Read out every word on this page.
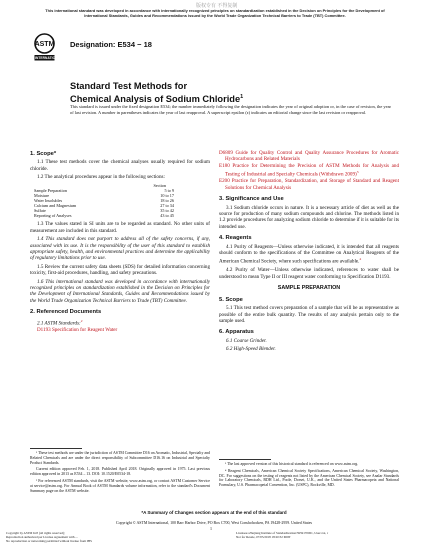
版权专有 不得复制
This international standard was developed in accordance with internationally recognized principles on standardization established in the Decision on Principles for the Development of International Standards, Guides and Recommendations issued by the World Trade Organization Technical Barriers to Trade (TBT) Committee.
ASTM
INTERNATIONAL
Designation: E534 − 18
Standard Test Methods for
Chemical Analysis of Sodium Chloride$^1$
This standard is issued under the fixed designation E534; the number immediately following the designation indicates the year of original adoption or, in the case of revision, the year of last revision. A number in parentheses indicates the year of last reapproval. A superscript epsilon (ε) indicates an editorial change since the last revision or reapproval.
1. Scope*

1.1 These test methods cover the chemical analyses usually required for sodium chloride.

1.2 The analytical procedures appear in the following sections:

Section
Sample Preparation	5 to 9
Moisture	10 to 17
Water Insolubles	18 to 26
Calcium and Magnesium	27 to 34
Sulfate	35 to 42
Reporting of Analyses	43 to 45

1.3 The values stated in SI units are to be regarded as standard. No other units of measurement are included in this standard.

1.4 This standard does not purport to address all of the safety concerns, if any, associated with its use. It is the responsibility of the user of this standard to establish appropriate safety, health, and environmental practices and determine the applicability of regulatory limitations prior to use.

1.5 Review the current safety data sheets (SDS) for detailed information concerning toxicity, first-aid procedures, handling, and safety precautions.

1.6 This international standard was developed in accordance with internationally recognized principles on standardization established in the Decision on Principles for the Development of International Standards, Guides and Recommendations issued by the World Trade Organization Technical Barriers to Trade (TBT) Committee.

2. Referenced Documents

2.1 ASTM Standards:$^2$

D1193 Specification for Reagent Water

¹ These test methods are under the jurisdiction of ASTM Committee D16 on Aromatic, Industrial, Specialty and Related Chemicals and are under the direct responsibility of Subcommittee D16.16 on Industrial and Specialty Product Standards.

Current edition approved Feb. 1, 2018. Published April 2018. Originally approved in 1975. Last previous edition approved in 2013 as E534 – 13. DOI: 10.1520/E0534-18.

² For referenced ASTM standards, visit the ASTM website, www.astm.org, or contact ASTM Customer Service at service@astm.org. For Annual Book of ASTM Standards volume information, refer to the standard's Document Summary page on the ASTM website.

D6809 Guide for Quality Control and Quality Assurance Procedures for Aromatic Hydrocarbons and Related Materials

E180 Practice for Determining the Precision of ASTM Methods for Analysis and Testing of Industrial and Specialty Chemicals (Withdrawn 2009)$^3$

E200 Practice for Preparation, Standardization, and Storage of Standard and Reagent Solutions for Chemical Analysis

3. Significance and Use

3.1 Sodium chloride occurs in nature. It is a necessary article of diet as well as the source for production of many sodium compounds and chlorine. The methods listed in 1.2 provide procedures for analyzing sodium chloride to determine if it is suitable for its intended use.

4. Reagents

4.1 Purity of Reagents—Unless otherwise indicated, it is intended that all reagents should conform to the specifications of the Committee on Analytical Reagents of the American Chemical Society, where such specifications are available.$^4$

4.2 Purity of Water—Unless otherwise indicated, references to water shall be understood to mean Type II or III reagent water conforming to Specification D1193.

SAMPLE PREPARATION
5. Scope

5.1 This test method covers preparation of a sample that will be as representative as possible of the entire bulk quantity. The results of any analysis pertain only to the sample used.

6. Apparatus

6.1 Coarse Grinder.

6.2 High-Speed Blender.

³ The last approved version of this historical standard is referenced on www.astm.org.

⁴ Reagent Chemicals, American Chemical Society Specifications, American Chemical Society, Washington, DC. For suggestions on the testing of reagents not listed by the American Chemical Society, see Analar Standards for Laboratory Chemicals, BDH Ltd., Poole, Dorset, U.K., and the United States Pharmacopeia and National Formulary, U.S. Pharmacopeial Convention, Inc. (USPC), Rockville, MD.

*A Summary of Changes section appears at the end of this standard
Copyright © ASTM International, 100 Barr Harbor Drive, PO Box C700, West Conshohocken, PA 19428-2959. United States
1
Copyright by ASTM Int'l (all rights reserved);
Reproduction authorized per License Agreement with ...
No reproduction or networking permitted without license from IHS
Licensee=Zhejiang Institute of Standardization/5959170001, User=xx, r
Not for Resale, 07/05/2018 18:20:32 MDT
